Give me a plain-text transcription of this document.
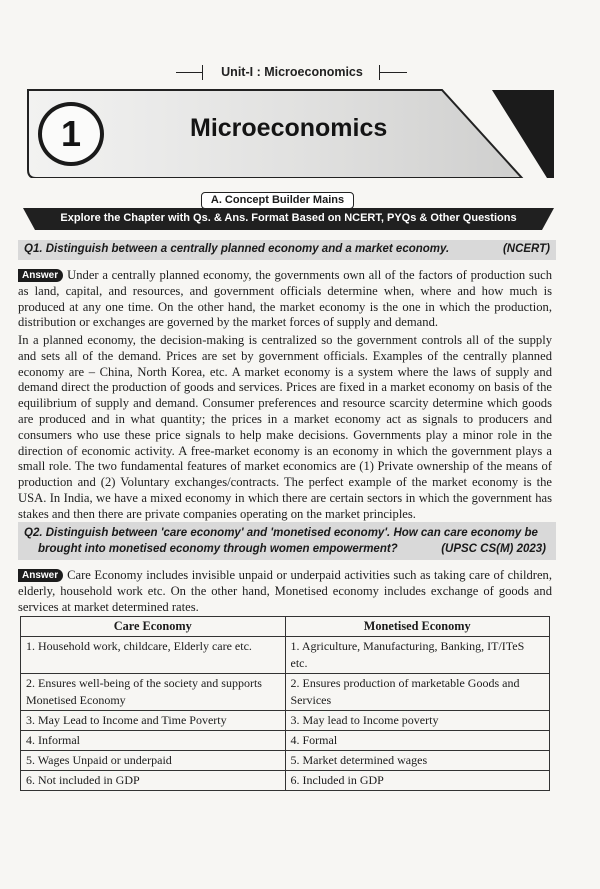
Unit-I : Microeconomics
1	Microeconomics
Explore the Chapter with Qs. & Ans. Format Based on NCERT, PYQs & Other Questions
A. Concept Builder Mains
Q1. Distinguish between a centrally planned economy and a market economy.	(NCERT)
Answer Under a centrally planned economy, the governments own all of the factors of production such as land, capital, and resources, and government officials determine when, where and how much is produced at any one time. On the other hand, the market economy is the one in which the production, distribution or exchanges are governed by the market forces of supply and demand.
In a planned economy, the decision-making is centralized so the government controls all of the supply and sets all of the demand. Prices are set by government officials. Examples of the centrally planned economy are – China, North Korea, etc. A market economy is a system where the laws of supply and demand direct the production of goods and services. Prices are fixed in a market economy on basis of the equilibrium of supply and demand. Consumer preferences and resource scarcity determine which goods are produced and in what quantity; the prices in a market economy act as signals to producers and consumers who use these price signals to help make decisions. Governments play a minor role in the direction of economic activity. A free-market economy is an economy in which the government plays a small role. The two fundamental features of market economics are (1) Private ownership of the means of production and (2) Voluntary exchanges/contracts. The perfect example of the market economy is the USA. In India, we have a mixed economy in which there are certain sectors in which the government has stakes and then there are private companies operating on the market principles.
Q2. Distinguish between 'care economy' and 'monetised economy'. How can care economy be
brought into monetised economy through women empowerment?	(UPSC CS(M) 2023)
Answer Care Economy includes invisible unpaid or underpaid activities such as taking care of children, elderly, household work etc. On the other hand, Monetised economy includes exchange of goods and services at market determined rates.
Care Economy	Monetised Economy
1. Household work, childcare, Elderly care etc.	1. Agriculture, Manufacturing, Banking, IT/ITeS etc.
2. Ensures well-being of the society and supports Monetised Economy	2. Ensures production of marketable Goods and Services
3. May Lead to Income and Time Poverty	3. May lead to Income poverty
4. Informal	4. Formal
5. Wages Unpaid or underpaid	5. Market determined wages
6. Not included in GDP	6. Included in GDP
